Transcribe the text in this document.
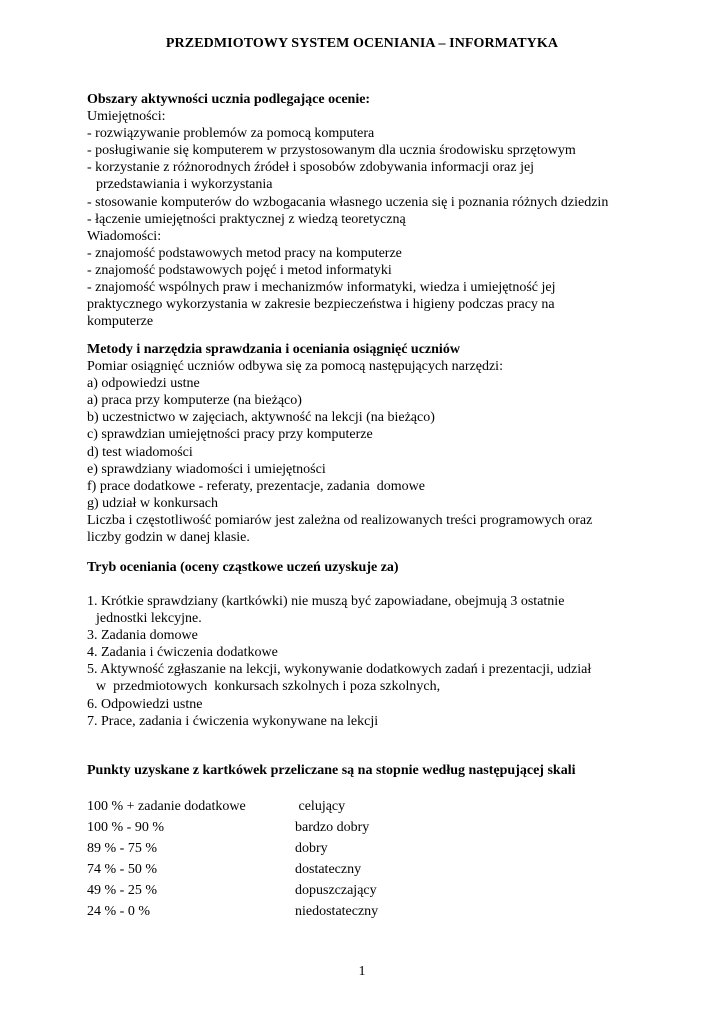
PRZEDMIOTOWY SYSTEM OCENIANIA – INFORMATYKA
Obszary aktywności ucznia podlegające ocenie:
Umiejętności:
- rozwiązywanie problemów za pomocą komputera
- posługiwanie się komputerem w przystosowanym dla ucznia środowisku sprzętowym
- korzystanie z różnorodnych źródeł i sposobów zdobywania informacji oraz jej
przedstawiania i wykorzystania
- stosowanie komputerów do wzbogacania własnego uczenia się i poznania różnych dziedzin
- łączenie umiejętności praktycznej z wiedzą teoretyczną
Wiadomości:
- znajomość podstawowych metod pracy na komputerze
- znajomość podstawowych pojęć i metod informatyki
- znajomość wspólnych praw i mechanizmów informatyki, wiedza i umiejętność jej
praktycznego wykorzystania w zakresie bezpieczeństwa i higieny podczas pracy na
komputerze
Metody i narzędzia sprawdzania i oceniania osiągnięć uczniów
Pomiar osiągnięć uczniów odbywa się za pomocą następujących narzędzi:
a) odpowiedzi ustne
a) praca przy komputerze (na bieżąco)
b) uczestnictwo w zajęciach, aktywność na lekcji (na bieżąco)
c) sprawdzian umiejętności pracy przy komputerze
d) test wiadomości
e) sprawdziany wiadomości i umiejętności
f) prace dodatkowe - referaty, prezentacje, zadania  domowe
g) udział w konkursach
Liczba i częstotliwość pomiarów jest zależna od realizowanych treści programowych oraz
liczby godzin w danej klasie.
Tryb oceniania (oceny cząstkowe uczeń uzyskuje za)
1. Krótkie sprawdziany (kartkówki) nie muszą być zapowiadane, obejmują 3 ostatnie
jednostki lekcyjne.
3. Zadania domowe
4. Zadania i ćwiczenia dodatkowe
5. Aktywność zgłaszanie na lekcji, wykonywanie dodatkowych zadań i prezentacji, udział
w  przedmiotowych  konkursach szkolnych i poza szkolnych,
6. Odpowiedzi ustne
7. Prace, zadania i ćwiczenia wykonywane na lekcji
Punkty uzyskane z kartkówek przeliczane są na stopnie według następującej skali
100 % + zadanie dodatkowe	celujący
100 % - 90 %	bardzo dobry
89 % - 75 %	dobry
74 % - 50 %	dostateczny
49 % - 25 %	dopuszczający
24 % - 0 %	niedostateczny
1
